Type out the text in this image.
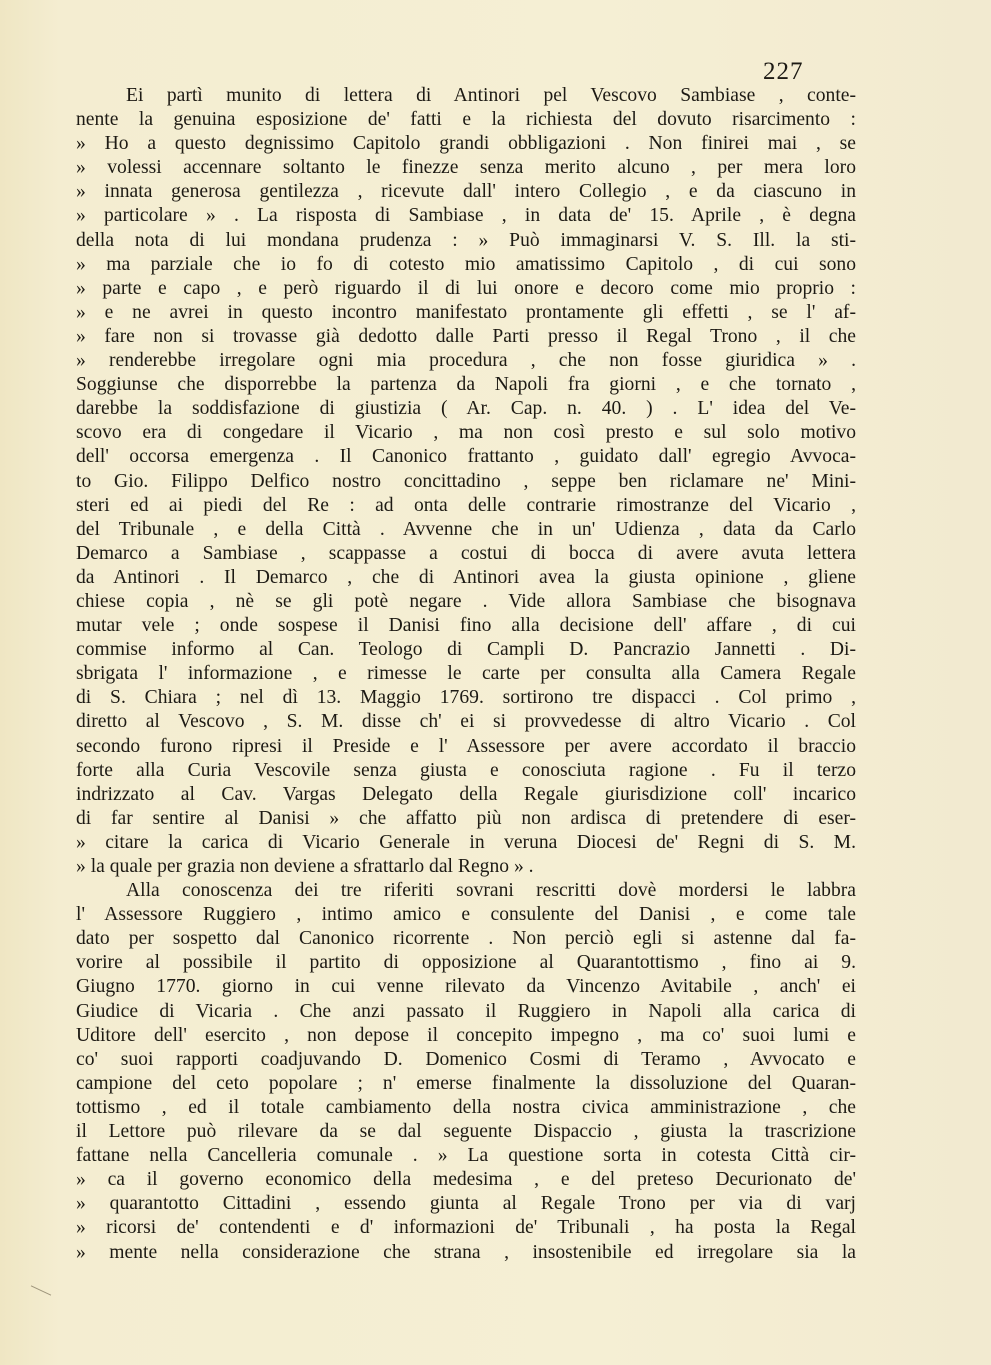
227
Ei partì munito di lettera di Antinori pel Vescovo Sambiase , conte-
nente la genuina esposizione de' fatti e la richiesta del dovuto risarcimento :
» Ho a questo degnissimo Capitolo grandi obbligazioni . Non finirei mai , se
» volessi accennare soltanto le finezze senza merito alcuno , per mera loro
» innata generosa gentilezza , ricevute dall' intero Collegio , e da ciascuno in
» particolare » . La risposta di Sambiase , in data de' 15. Aprile , è degna
della nota di lui mondana prudenza : » Può immaginarsi V. S. Ill. la sti-
» ma parziale che io fo di cotesto mio amatissimo Capitolo , di cui sono
» parte e capo , e però riguardo il di lui onore e decoro come mio proprio :
» e ne avrei in questo incontro manifestato prontamente gli effetti , se l' af-
» fare non si trovasse già dedotto dalle Parti presso il Regal Trono , il che
» renderebbe irregolare ogni mia procedura , che non fosse giuridica » .
Soggiunse che disporrebbe la partenza da Napoli fra giorni , e che tornato ,
darebbe la soddisfazione di giustizia ( Ar. Cap. n. 40. ) . L' idea del Ve-
scovo era di congedare il Vicario , ma non così presto e sul solo motivo
dell' occorsa emergenza . Il Canonico frattanto , guidato dall' egregio Avvoca-
to Gio. Filippo Delfico nostro concittadino , seppe ben riclamare ne' Mini-
steri ed ai piedi del Re : ad onta delle contrarie rimostranze del Vicario ,
del Tribunale , e della Città . Avvenne che in un' Udienza , data da Carlo
Demarco a Sambiase , scappasse a costui di bocca di avere avuta lettera
da Antinori . Il Demarco , che di Antinori avea la giusta opinione , gliene
chiese copia , nè se gli potè negare . Vide allora Sambiase che bisognava
mutar vele ; onde sospese il Danisi fino alla decisione dell' affare , di cui
commise informo al Can. Teologo di Campli D. Pancrazio Jannetti . Di-
sbrigata l' informazione , e rimesse le carte per consulta alla Camera Regale
di S. Chiara ; nel dì 13. Maggio 1769. sortirono tre dispacci . Col primo ,
diretto al Vescovo , S. M. disse ch' ei si provvedesse di altro Vicario . Col
secondo furono ripresi il Preside e l' Assessore per avere accordato il braccio
forte alla Curia Vescovile senza giusta e conosciuta ragione . Fu il terzo
indrizzato al Cav. Vargas Delegato della Regale giurisdizione coll' incarico
di far sentire al Danisi » che affatto più non ardisca di pretendere di eser-
» citare la carica di Vicario Generale in veruna Diocesi de' Regni di S. M.
» la quale per grazia non deviene a sfrattarlo dal Regno » .
Alla conoscenza dei tre riferiti sovrani rescritti dovè mordersi le labbra
l' Assessore Ruggiero , intimo amico e consulente del Danisi , e come tale
dato per sospetto dal Canonico ricorrente . Non perciò egli si astenne dal fa-
vorire al possibile il partito di opposizione al Quarantottismo , fino ai 9.
Giugno 1770. giorno in cui venne rilevato da Vincenzo Avitabile , anch' ei
Giudice di Vicaria . Che anzi passato il Ruggiero in Napoli alla carica di
Uditore dell' esercito , non depose il concepito impegno , ma co' suoi lumi e
co' suoi rapporti coadjuvando D. Domenico Cosmi di Teramo , Avvocato e
campione del ceto popolare ; n' emerse finalmente la dissoluzione del Quaran-
tottismo , ed il totale cambiamento della nostra civica amministrazione , che
il Lettore può rilevare da se dal seguente Dispaccio , giusta la trascrizione
fattane nella Cancelleria comunale . » La questione sorta in cotesta Città cir-
» ca il governo economico della medesima , e del preteso Decurionato de'
» quarantotto Cittadini , essendo giunta al Regale Trono per via di varj
» ricorsi de' contendenti e d' informazioni de' Tribunali , ha posta la Regal
» mente nella considerazione che strana , insostenibile ed irregolare sia la
